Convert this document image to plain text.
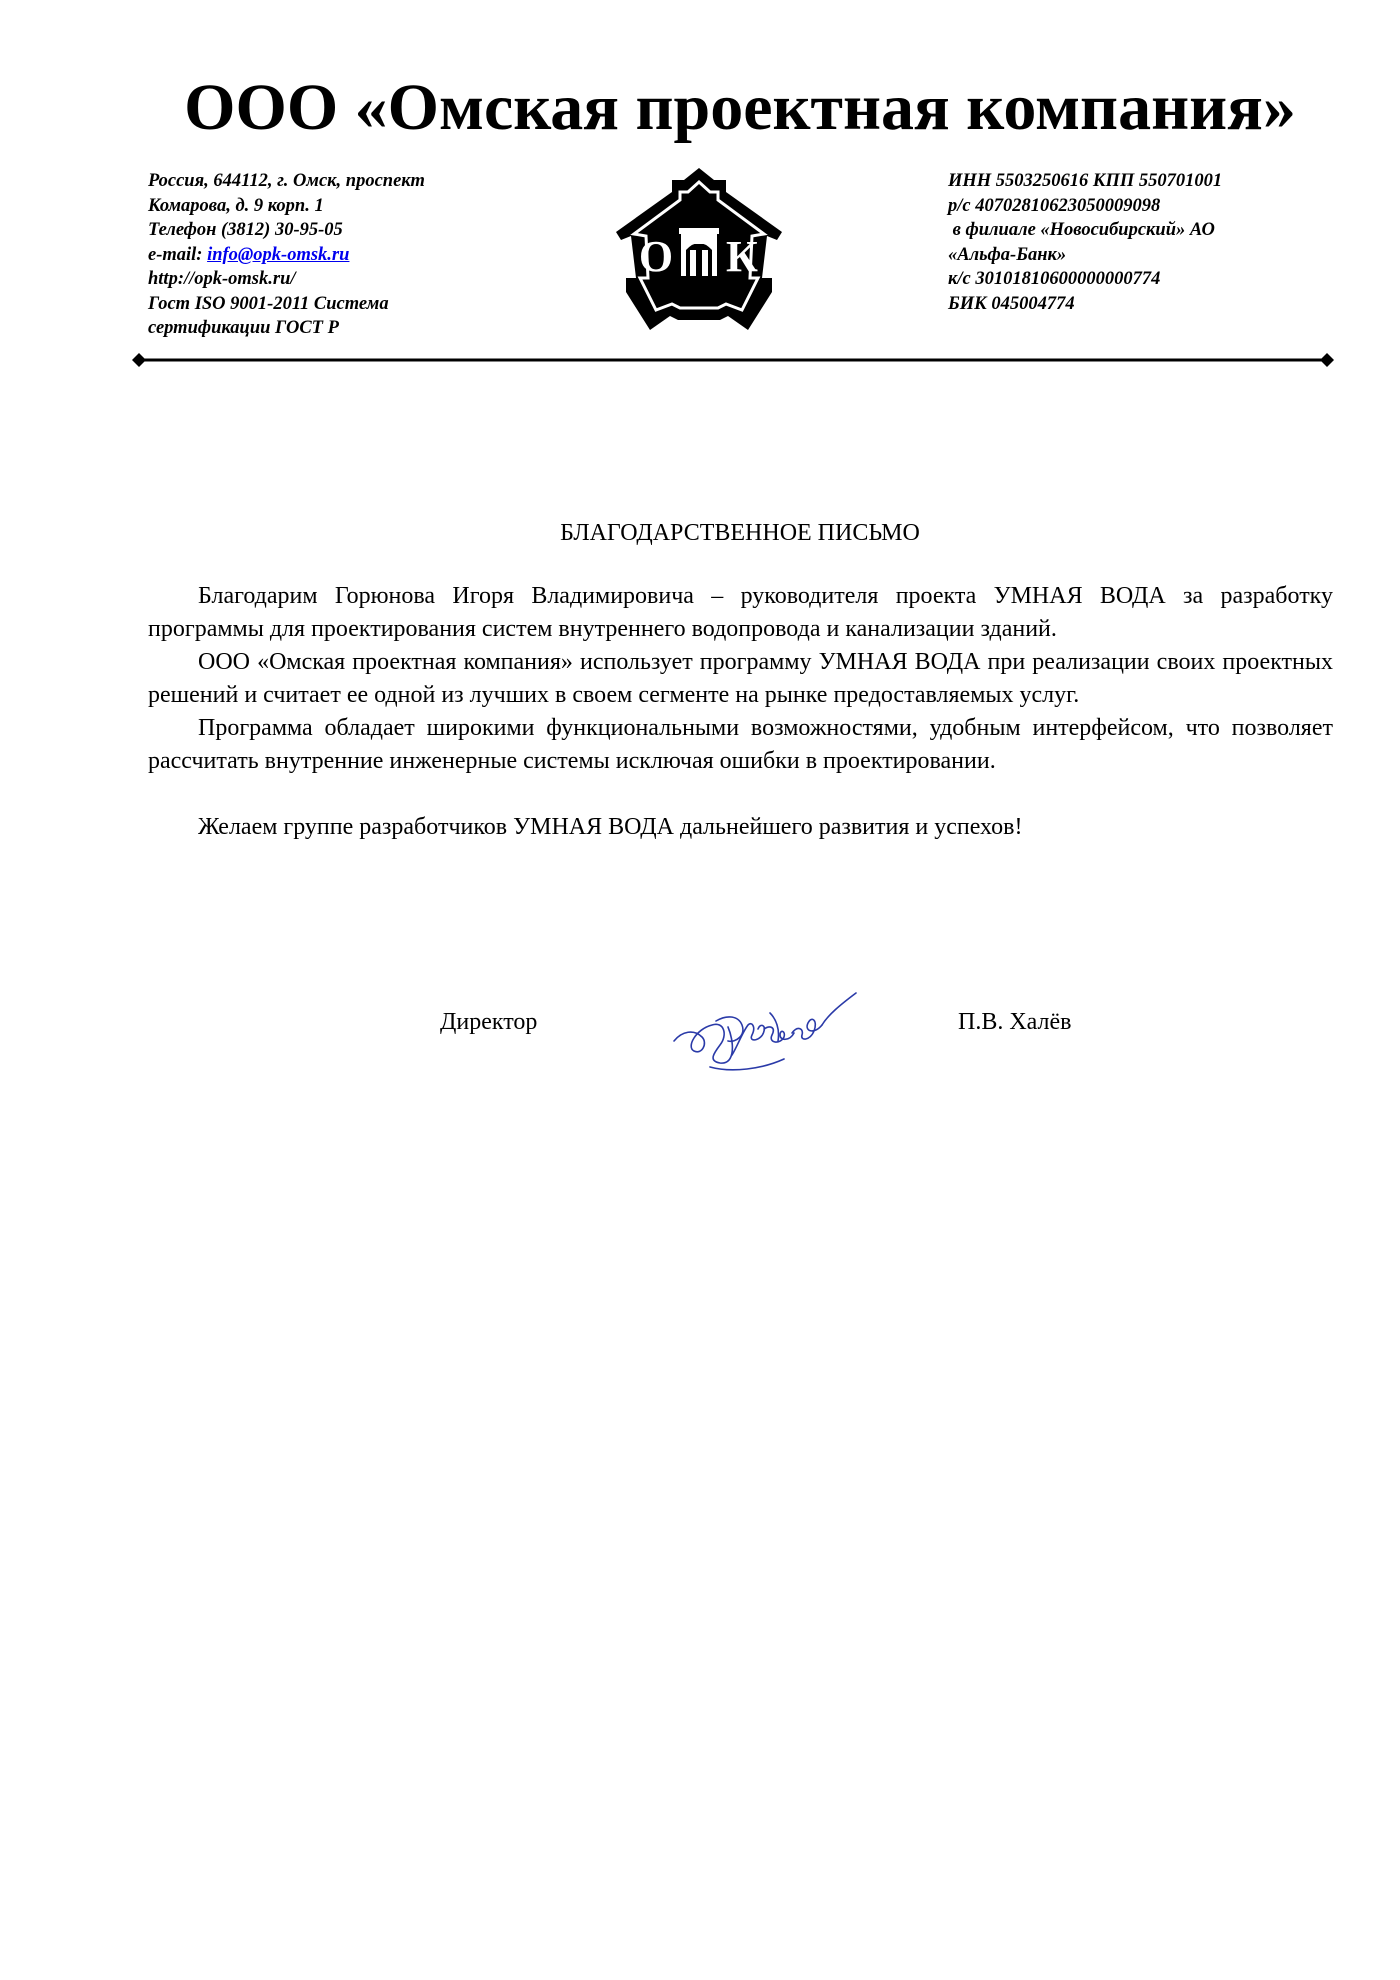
ООО «Омская проектная компания»
Россия, 644112, г. Омск, проспект
Комарова, д. 9 корп. 1
Телефон (3812) 30-95-05
e-mail: info@opk-omsk.ru
http://opk-omsk.ru/
Гост ISO 9001-2011 Система
сертификации ГОСТ Р
О К
ИНН 5503250616 КПП 550701001
р/с 40702810623050009098
в филиале «Новосибирский» АО
«Альфа-Банк»
к/с 30101810600000000774
БИК 045004774
БЛАГОДАРСТВЕННОЕ ПИСЬМО

Благодарим Горюнова Игоря Владимировича – руководителя проекта УМНАЯ ВОДА за разработку программы для проектирования систем внутреннего водопровода и канализации зданий.

ООО «Омская проектная компания» использует программу УМНАЯ ВОДА при реализации своих проектных решений и считает ее одной из лучших в своем сегменте на рынке предоставляемых услуг.

Программа обладает широкими функциональными возможностями, удобным интерфейсом, что позволяет рассчитать внутренние инженерные системы исключая ошибки в проектировании.

Желаем группе разработчиков УМНАЯ ВОДА дальнейшего развития и успехов!

Директор	П.В. Халёв
